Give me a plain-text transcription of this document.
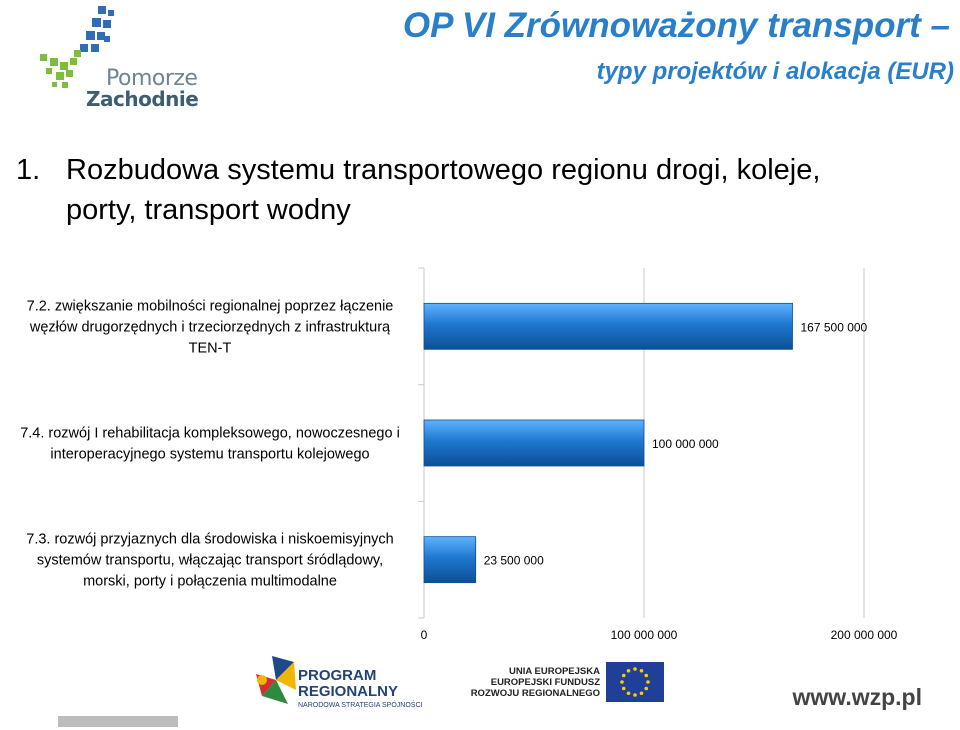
Pomorze
Zachodnie
OP VI Zrównoważony transport –
typy projektów i alokacja (EUR)
1. Rozbudowa systemu transportowego regionu drogi, koleje, porty, transport wodny
167 500 000
100 000 000
23 500 000
7.2. zwiększanie mobilności regionalnej poprzez łączenie
węzłów drugorzędnych i trzeciorzędnych z infrastrukturą
TEN-T
7.4. rozwój I rehabilitacja kompleksowego, nowoczesnego i
interoperacyjnego systemu transportu kolejowego
7.3. rozwój przyjaznych dla środowiska i niskoemisyjnych
systemów transportu, włączając transport śródlądowy,
morski, porty i połączenia multimodalne
0	100 000 000	200 000 000
PROGRAM
REGIONALNY
NARODOWA STRATEGIA SPÓJNOŚCI
UNIA EUROPEJSKA
EUROPEJSKI FUNDUSZ
ROZWOJU REGIONALNEGO	www.wzp.pl
